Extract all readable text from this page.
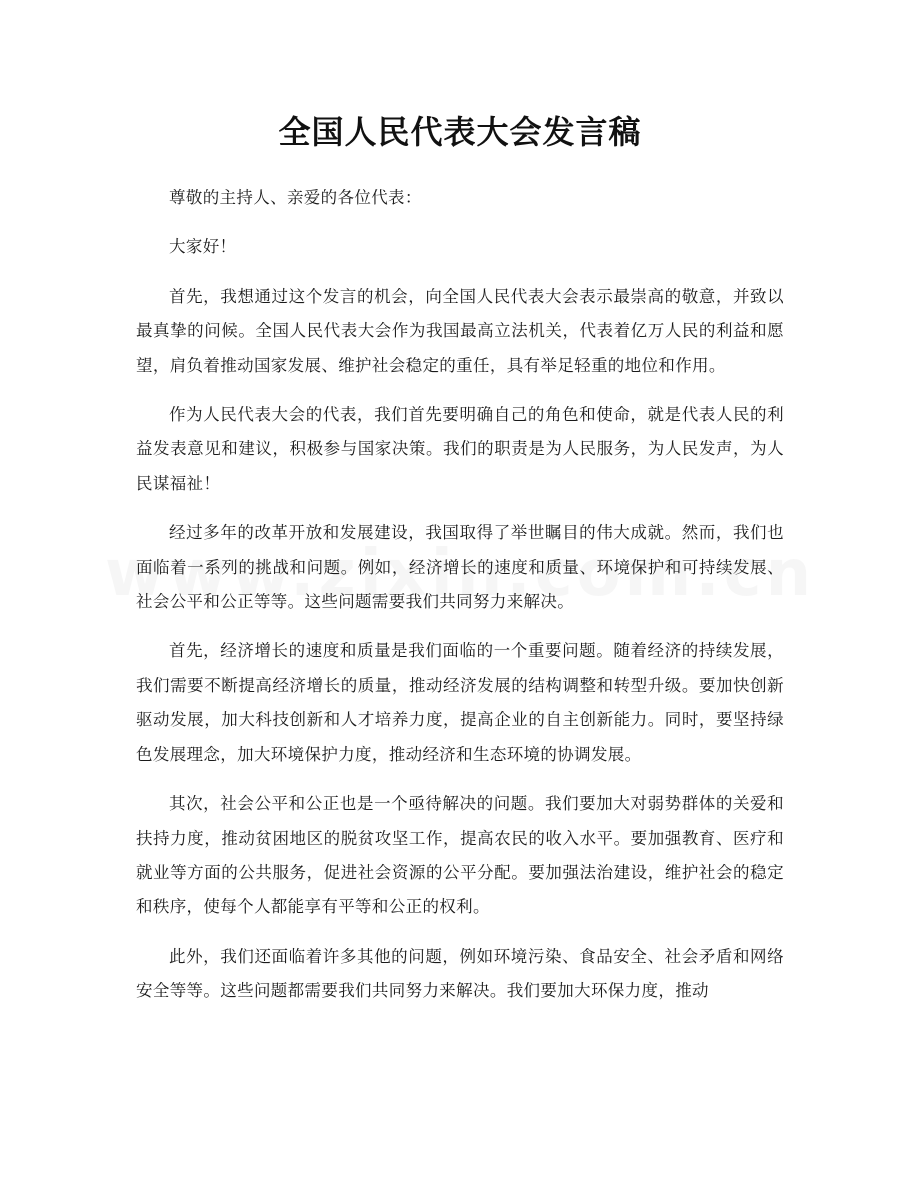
全国人民代表大会发言稿

尊敬的主持人、亲爱的各位代表：

大家好！

首先，我想通过这个发言的机会，向全国人民代表大会表示最崇高的敬意，并致以最真挚的问候。全国人民代表大会作为我国最高立法机关，代表着亿万人民的利益和愿望，肩负着推动国家发展、维护社会稳定的重任，具有举足轻重的地位和作用。

作为人民代表大会的代表，我们首先要明确自己的角色和使命，就是代表人民的利益发表意见和建议，积极参与国家决策。我们的职责是为人民服务，为人民发声，为人民谋福祉！

经过多年的改革开放和发展建设，我国取得了举世瞩目的伟大成就。然而，我们也面临着一系列的挑战和问题。例如，经济增长的速度和质量、环境保护和可持续发展、社会公平和公正等等。这些问题需要我们共同努力来解决。

首先，经济增长的速度和质量是我们面临的一个重要问题。随着经济的持续发展，我们需要不断提高经济增长的质量，推动经济发展的结构调整和转型升级。要加快创新驱动发展，加大科技创新和人才培养力度，提高企业的自主创新能力。同时，要坚持绿色发展理念，加大环境保护力度，推动经济和生态环境的协调发展。

其次，社会公平和公正也是一个亟待解决的问题。我们要加大对弱势群体的关爱和扶持力度，推动贫困地区的脱贫攻坚工作，提高农民的收入水平。要加强教育、医疗和就业等方面的公共服务，促进社会资源的公平分配。要加强法治建设，维护社会的稳定和秩序，使每个人都能享有平等和公正的权利。

此外，我们还面临着许多其他的问题，例如环境污染、食品安全、社会矛盾和网络安全等等。这些问题都需要我们共同努力来解决。我们要加大环保力度，推动
